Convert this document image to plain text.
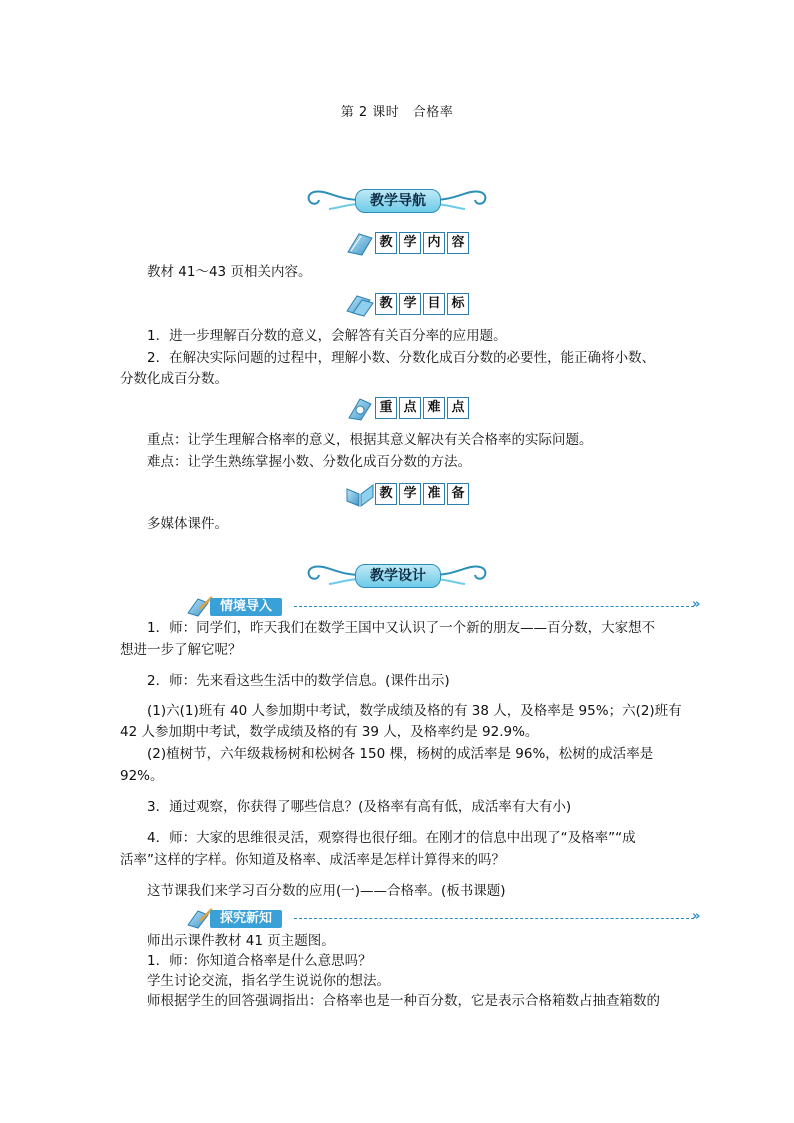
第 2 课时　合格率
教学导航
教 学 内 容
教材 41～43 页相关内容。
教 学 目 标
1．进一步理解百分数的意义，会解答有关百分率的应用题。
2．在解决实际问题的过程中，理解小数、分数化成百分数的必要性，能正确将小数、
分数化成百分数。
重 点 难 点
重点：让学生理解合格率的意义，根据其意义解决有关合格率的实际问题。
难点：让学生熟练掌握小数、分数化成百分数的方法。
教 学 准 备
多媒体课件。
教学设计
情境导入	»
1．师：同学们，昨天我们在数学王国中又认识了一个新的朋友——百分数，大家想不
想进一步了解它呢？
2．师：先来看这些生活中的数学信息。(课件出示)
(1)六(1)班有 40 人参加期中考试，数学成绩及格的有 38 人，及格率是 95%；六(2)班有
42 人参加期中考试，数学成绩及格的有 39 人，及格率约是 92.9%。
(2)植树节，六年级栽杨树和松树各 150 棵，杨树的成活率是 96%，松树的成活率是
92%。
3．通过观察，你获得了哪些信息？(及格率有高有低，成活率有大有小)
4．师：大家的思维很灵活，观察得也很仔细。在刚才的信息中出现了“及格率”“成
活率”这样的字样。你知道及格率、成活率是怎样计算得来的吗？
这节课我们来学习百分数的应用(一)——合格率。(板书课题)
探究新知	»
师出示课件教材 41 页主题图。
1．师：你知道合格率是什么意思吗？
学生讨论交流，指名学生说说你的想法。
师根据学生的回答强调指出：合格率也是一种百分数，它是表示合格箱数占抽查箱数的
